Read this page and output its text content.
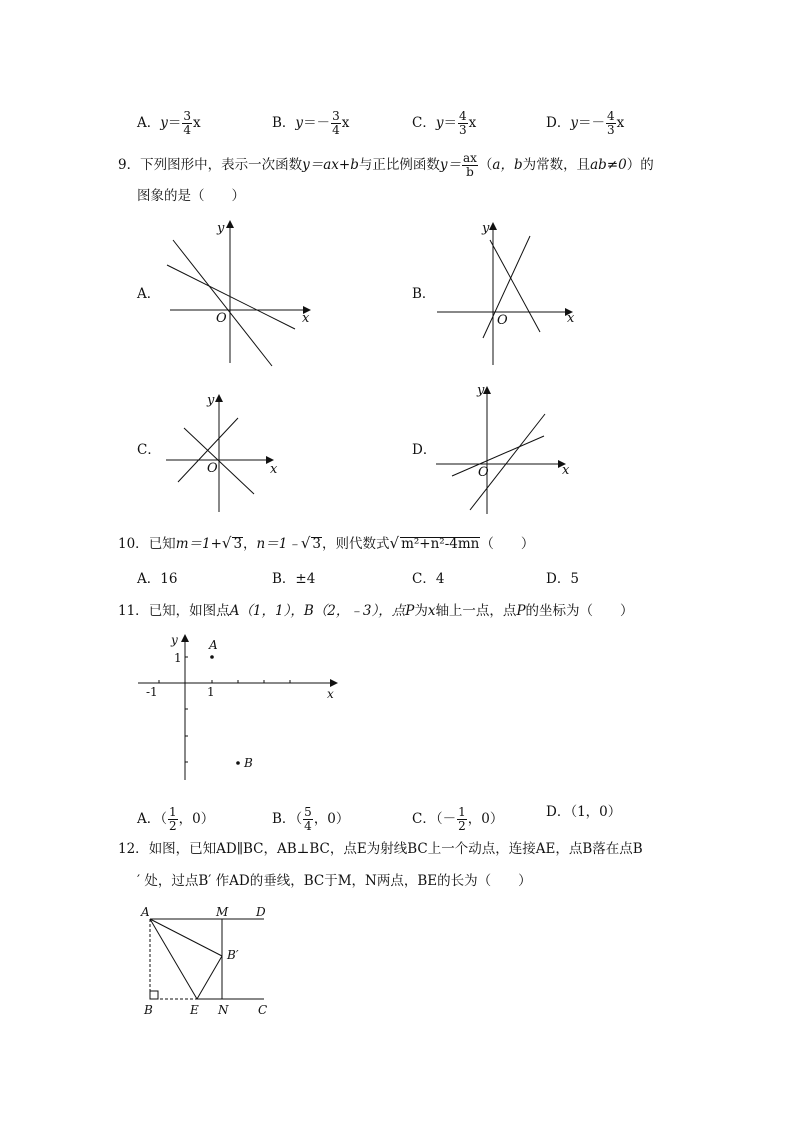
A．$y= \frac{3}{4}$ x	B．$y=- \frac{3}{4}$ x	C．$y= \frac{4}{3}$ x	D．$y=- \frac{4}{3}$ x
9．下列图形中，表示一次函数y＝ax+b与正比例函数$y= \frac{ax}{b} (a$，b为常数，且ab≠0）的
图象的是（　　）
A．	B．
C．	D．
y
x
O
y
x
O
y
x
O
y
x
O
10．已知m＝1+√ 3，n＝1﹣√ 3，则代数式√ m²+n²-4mn（　　）
A．16	B．±4	C．4	D．5
11．已知，如图点A（1，1），B（2，﹣3），点P为x轴上一点，点P的坐标为（　　）
y
x
1
1
-1
A
B
A．（ $\frac{1}{2}$ ，0）	B．（ $\frac{5}{4}$ ，0）	C．（－ $\frac{1}{2}$ ，0）	D．（1，0）
12．如图，已知AD∥BC，AB⊥BC，点E为射线BC上一个动点，连接AE，点B落在点B
′ 处，过点B′ 作AD的垂线，BC于M，N两点，BE的长为（　　）
A	M D
B′
B	E N C
